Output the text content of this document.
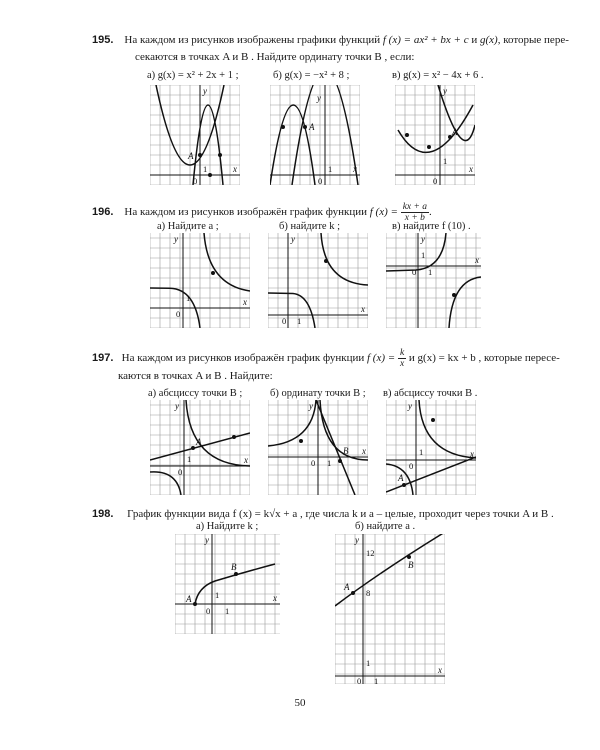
195. На каждом из рисунков изображены графики функций f (x) = ax² + bx + c и g(x), которые пере-
секаются в точках A и B . Найдите ординату точки B , если:
а) g(x) = x² + 2x + 1 ;	б) g(x) = −x² + 8 ;	в) g(x) = x² − 4x + 6 .
A
0
1	x
y
A
0
1 x
y
A
0
1
x
y
196. На каждом из рисунков изображён график функции f $(x) = \frac{kx + a}{x + b}$ .
а) Найдите a ;	б) найдите k ;	в) найдите f (10) .
0
1	x
y
0 1
x
y
0 1
1	x
y
197. На каждом из рисунков изображён график функции f $(x) = \frac{k}{x}$ и g(x) = kx + b , которые пересе-
каются в точках A и B . Найдите:
а) абсциссу точки B ;	б) ординату точки B ; в) абсциссу точки B .
A
0
1	x
y
B
0 1
x
y
A
0
1	x
y
198. График функции вида f (x) = k√x + a , где числа k и a – целые, проходит через точки A и B .
а) Найдите k ;	б) найдите a .
A
B
0 1
1	x
y
A
B
8
12
1
0 1
x
y
50
